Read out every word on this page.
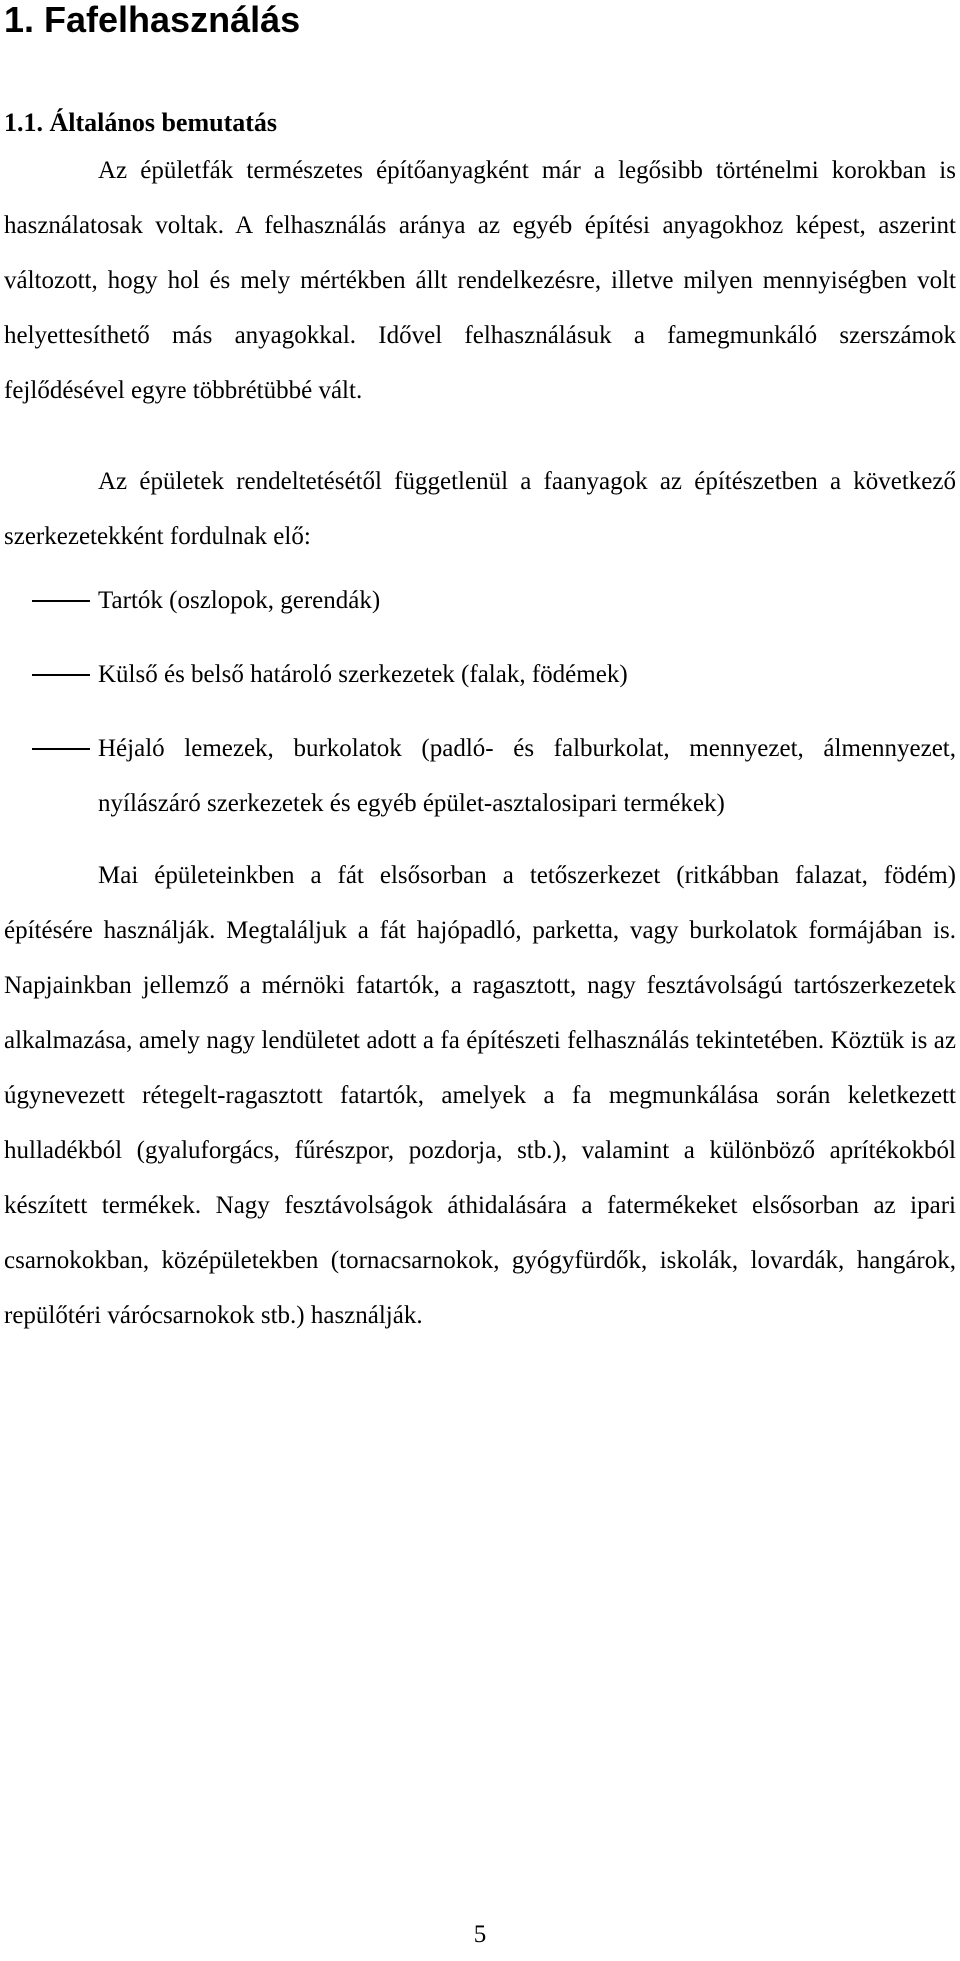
1. Fafelhasználás
1.1. Általános bemutatás

Az épületfák természetes építőanyagként már a legősibb történelmi korokban is használatosak voltak. A felhasználás aránya az egyéb építési anyagokhoz képest, aszerint változott, hogy hol és mely mértékben állt rendelkezésre, illetve milyen mennyiségben volt helyettesíthető más anyagokkal. Idővel felhasználásuk a famegmunkáló szerszámok fejlődésével egyre többrétübbé vált.

Az épületek rendeltetésétől függetlenül a faanyagok az építészetben a következő szerkezetekként fordulnak elő:

Tartók (oszlopok, gerendák)
Külső és belső határoló szerkezetek (falak, födémek)
Héjaló lemezek, burkolatok (padló- és falburkolat, mennyezet, álmennyezet, nyílászáró szerkezetek és egyéb épület-asztalosipari termékek)

Mai épületeinkben a fát elsősorban a tetőszerkezet (ritkábban falazat, födém) építésére használják. Megtaláljuk a fát hajópadló, parketta, vagy burkolatok formájában is. Napjainkban jellemző a mérnöki fatartók, a ragasztott, nagy fesztávolságú tartószerkezetek alkalmazása, amely nagy lendületet adott a fa építészeti felhasználás tekintetében. Köztük is az úgynevezett rétegelt-ragasztott fatartók, amelyek a fa megmunkálása során keletkezett hulladékból (gyaluforgács, fűrészpor, pozdorja, stb.), valamint a különböző aprítékokból készített termékek. Nagy fesztávolságok áthidalására a fatermékeket elsősorban az ipari csarnokokban, középületekben (tornacsarnokok, gyógyfürdők, iskolák, lovardák, hangárok, repülőtéri várócsarnokok stb.) használják.

5
